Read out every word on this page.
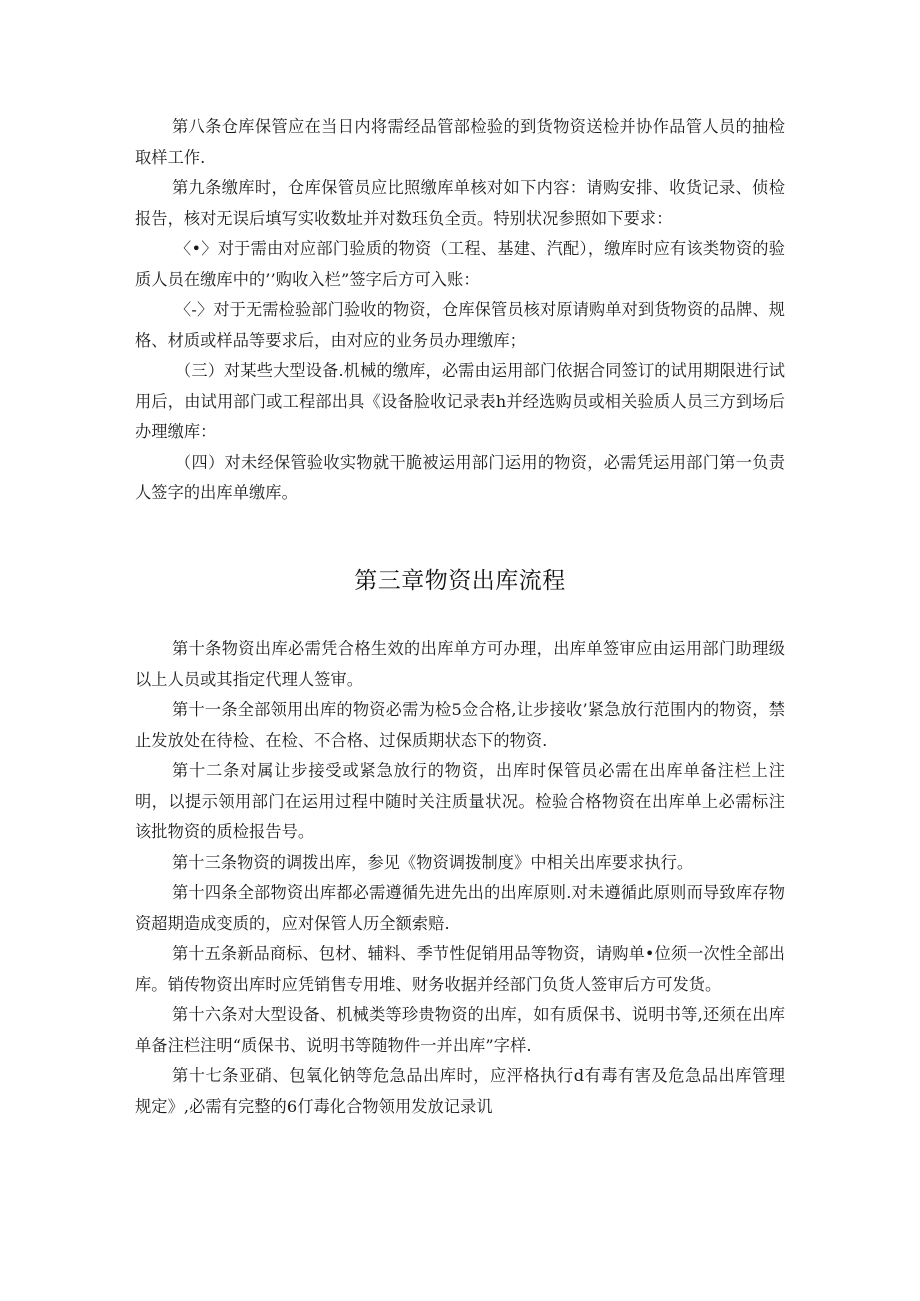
第八条仓库保管应在当日内将需经品管部检验的到货物资送检并协作品管人员的抽检取样工作.

第九条缴库时，仓库保管员应比照缴库单核对如下内容：请购安排、收货记录、侦检报告，核对无误后填写实收数址并对数珏负全贡。特别状况参照如下要求：

〈•〉对于需由对应部门验质的物资（工程、基建、汽配），缴库时应有该类物资的验质人员在缴库中的’’购收入栏”签字后方可入账：

〈-〉对于无需检验部门验收的物资，仓库保管员核对原请购单对到货物资的品牌、规格、材质或样品等要求后，由对应的业务员办理缴库；

（三）对某些大型设备.机械的缴库，必需由运用部门依据合同签订的试用期限进行试用后，由试用部门或工程部出具《设备脸收记录表h并经选购员或相关验质人员三方到场后办理缴库：

（四）对未经保管验收实物就干脆被运用部门运用的物资，必需凭运用部门第一负责人签字的出库单缴库。

第三章物资出库流程

第十条物资出库必需凭合格生效的出库单方可办理，出库单签审应由运用部门助理级以上人员或其指定代理人签审。

第十一条全部领用出库的物资必需为检5佥合格,让步接收’紧急放行范围内的物资，禁止发放处在待检、在检、不合格、过保质期状态下的物资.

第十二条对属让步接受或紧急放行的物资，出库时保管员必需在出库单备注栏上注明，以提示领用部门在运用过程中随时关注质量状况。检验合格物资在出库单上必需标注该批物资的质检报告号。

第十三条物资的调拨出库，参见《物资调拨制度》中相关出库要求执行。

第十四条全部物资出库都必需遵循先进先出的出库原则.对未遵循此原则而导致库存物资超期造成变质的，应对保管人历全额索赔.

第十五条新品商标、包材、辅料、季节性促销用品等物资，请购单•位须一次性全部出库。销传物资出库时应凭销售专用堆、财务收据并经部门负货人签审后方可发货。

第十六条对大型设备、机械类等珍贵物资的出库，如有质保书、说明书等,还须在出库单备注栏注明“质保书、说明书等随物件一并出库”字样.

第十七条亚硝、包氧化钠等危急品出库时，应泙格执行d有毒有害及危急品出库管理规定》,必需有完整的6仃毒化合物领用发放记录讥
